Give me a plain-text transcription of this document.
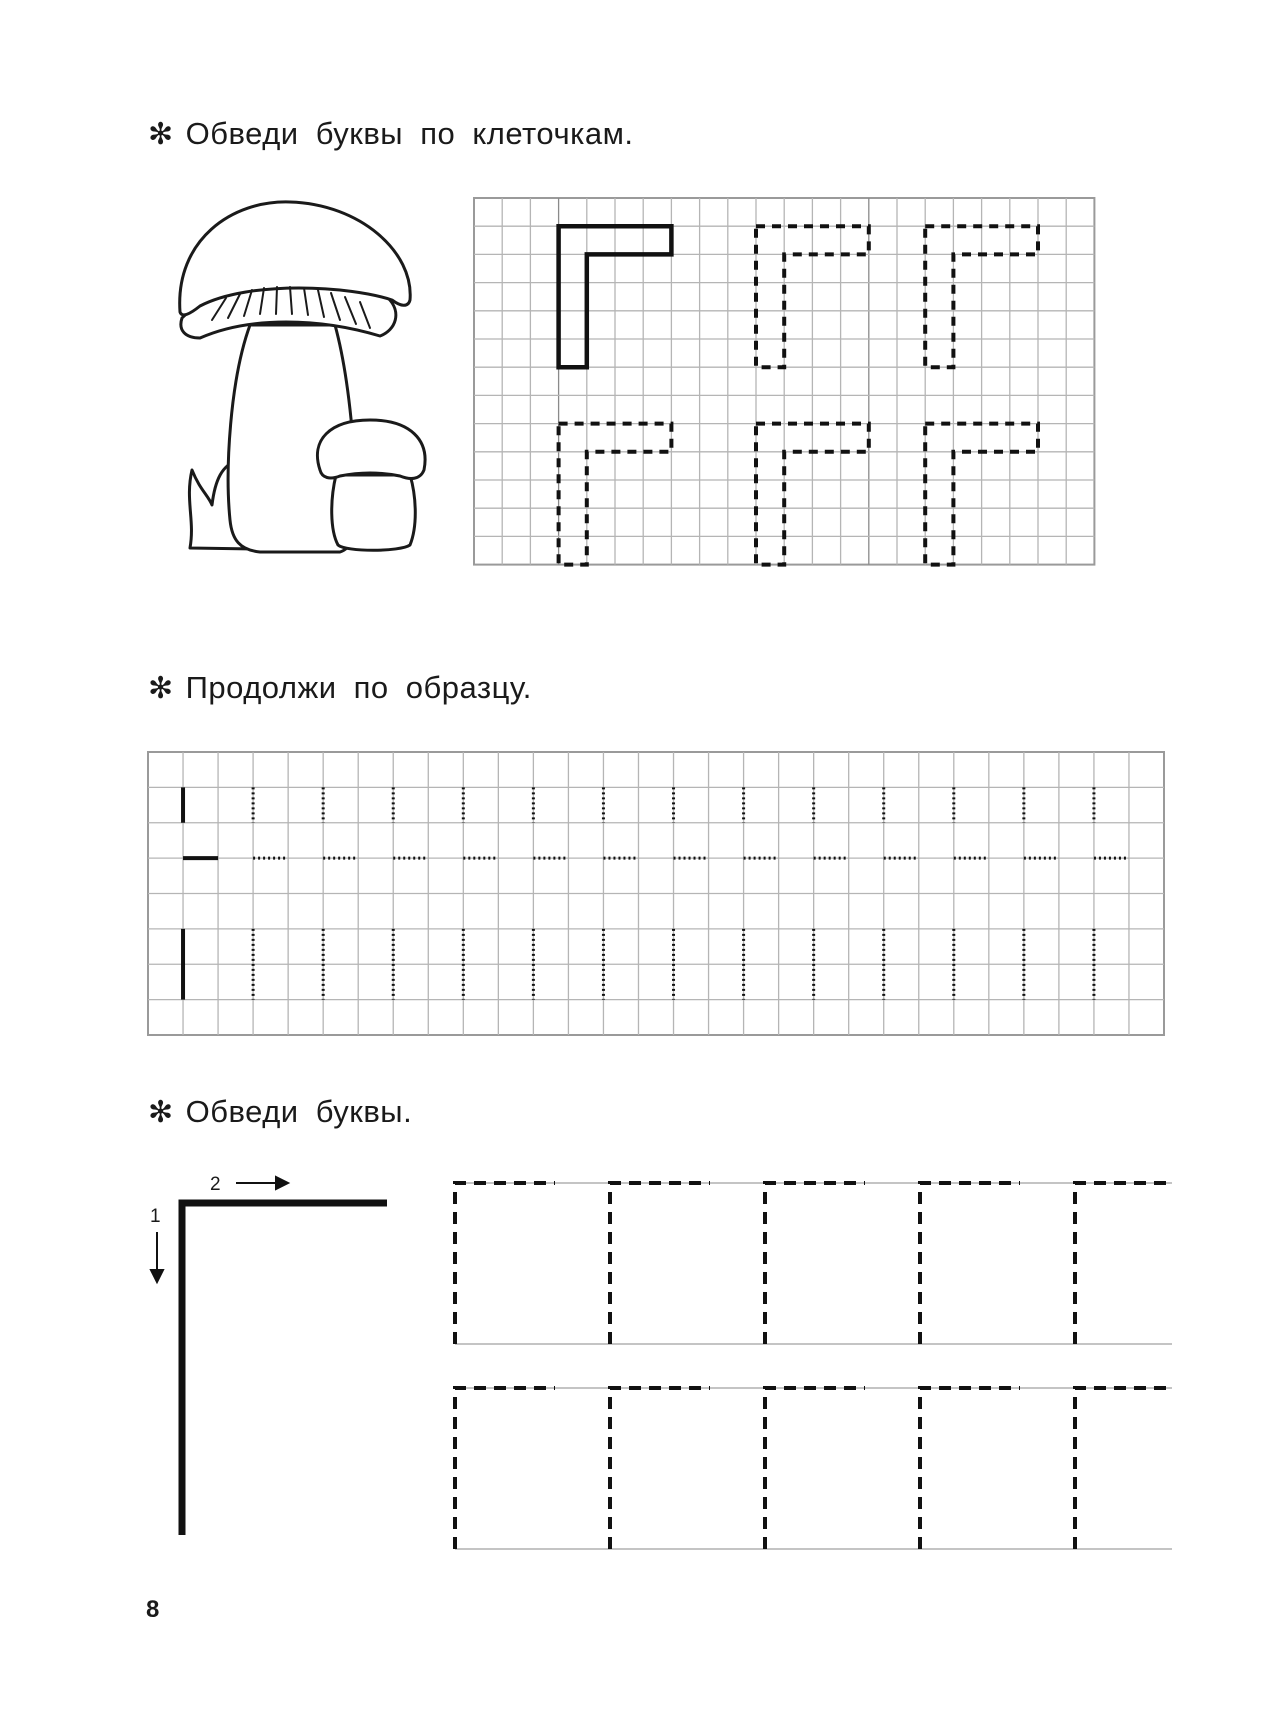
✻ Обведи буквы по клеточкам.
✻ Продолжи по образцу.
✻ Обведи буквы.
1
2
8
